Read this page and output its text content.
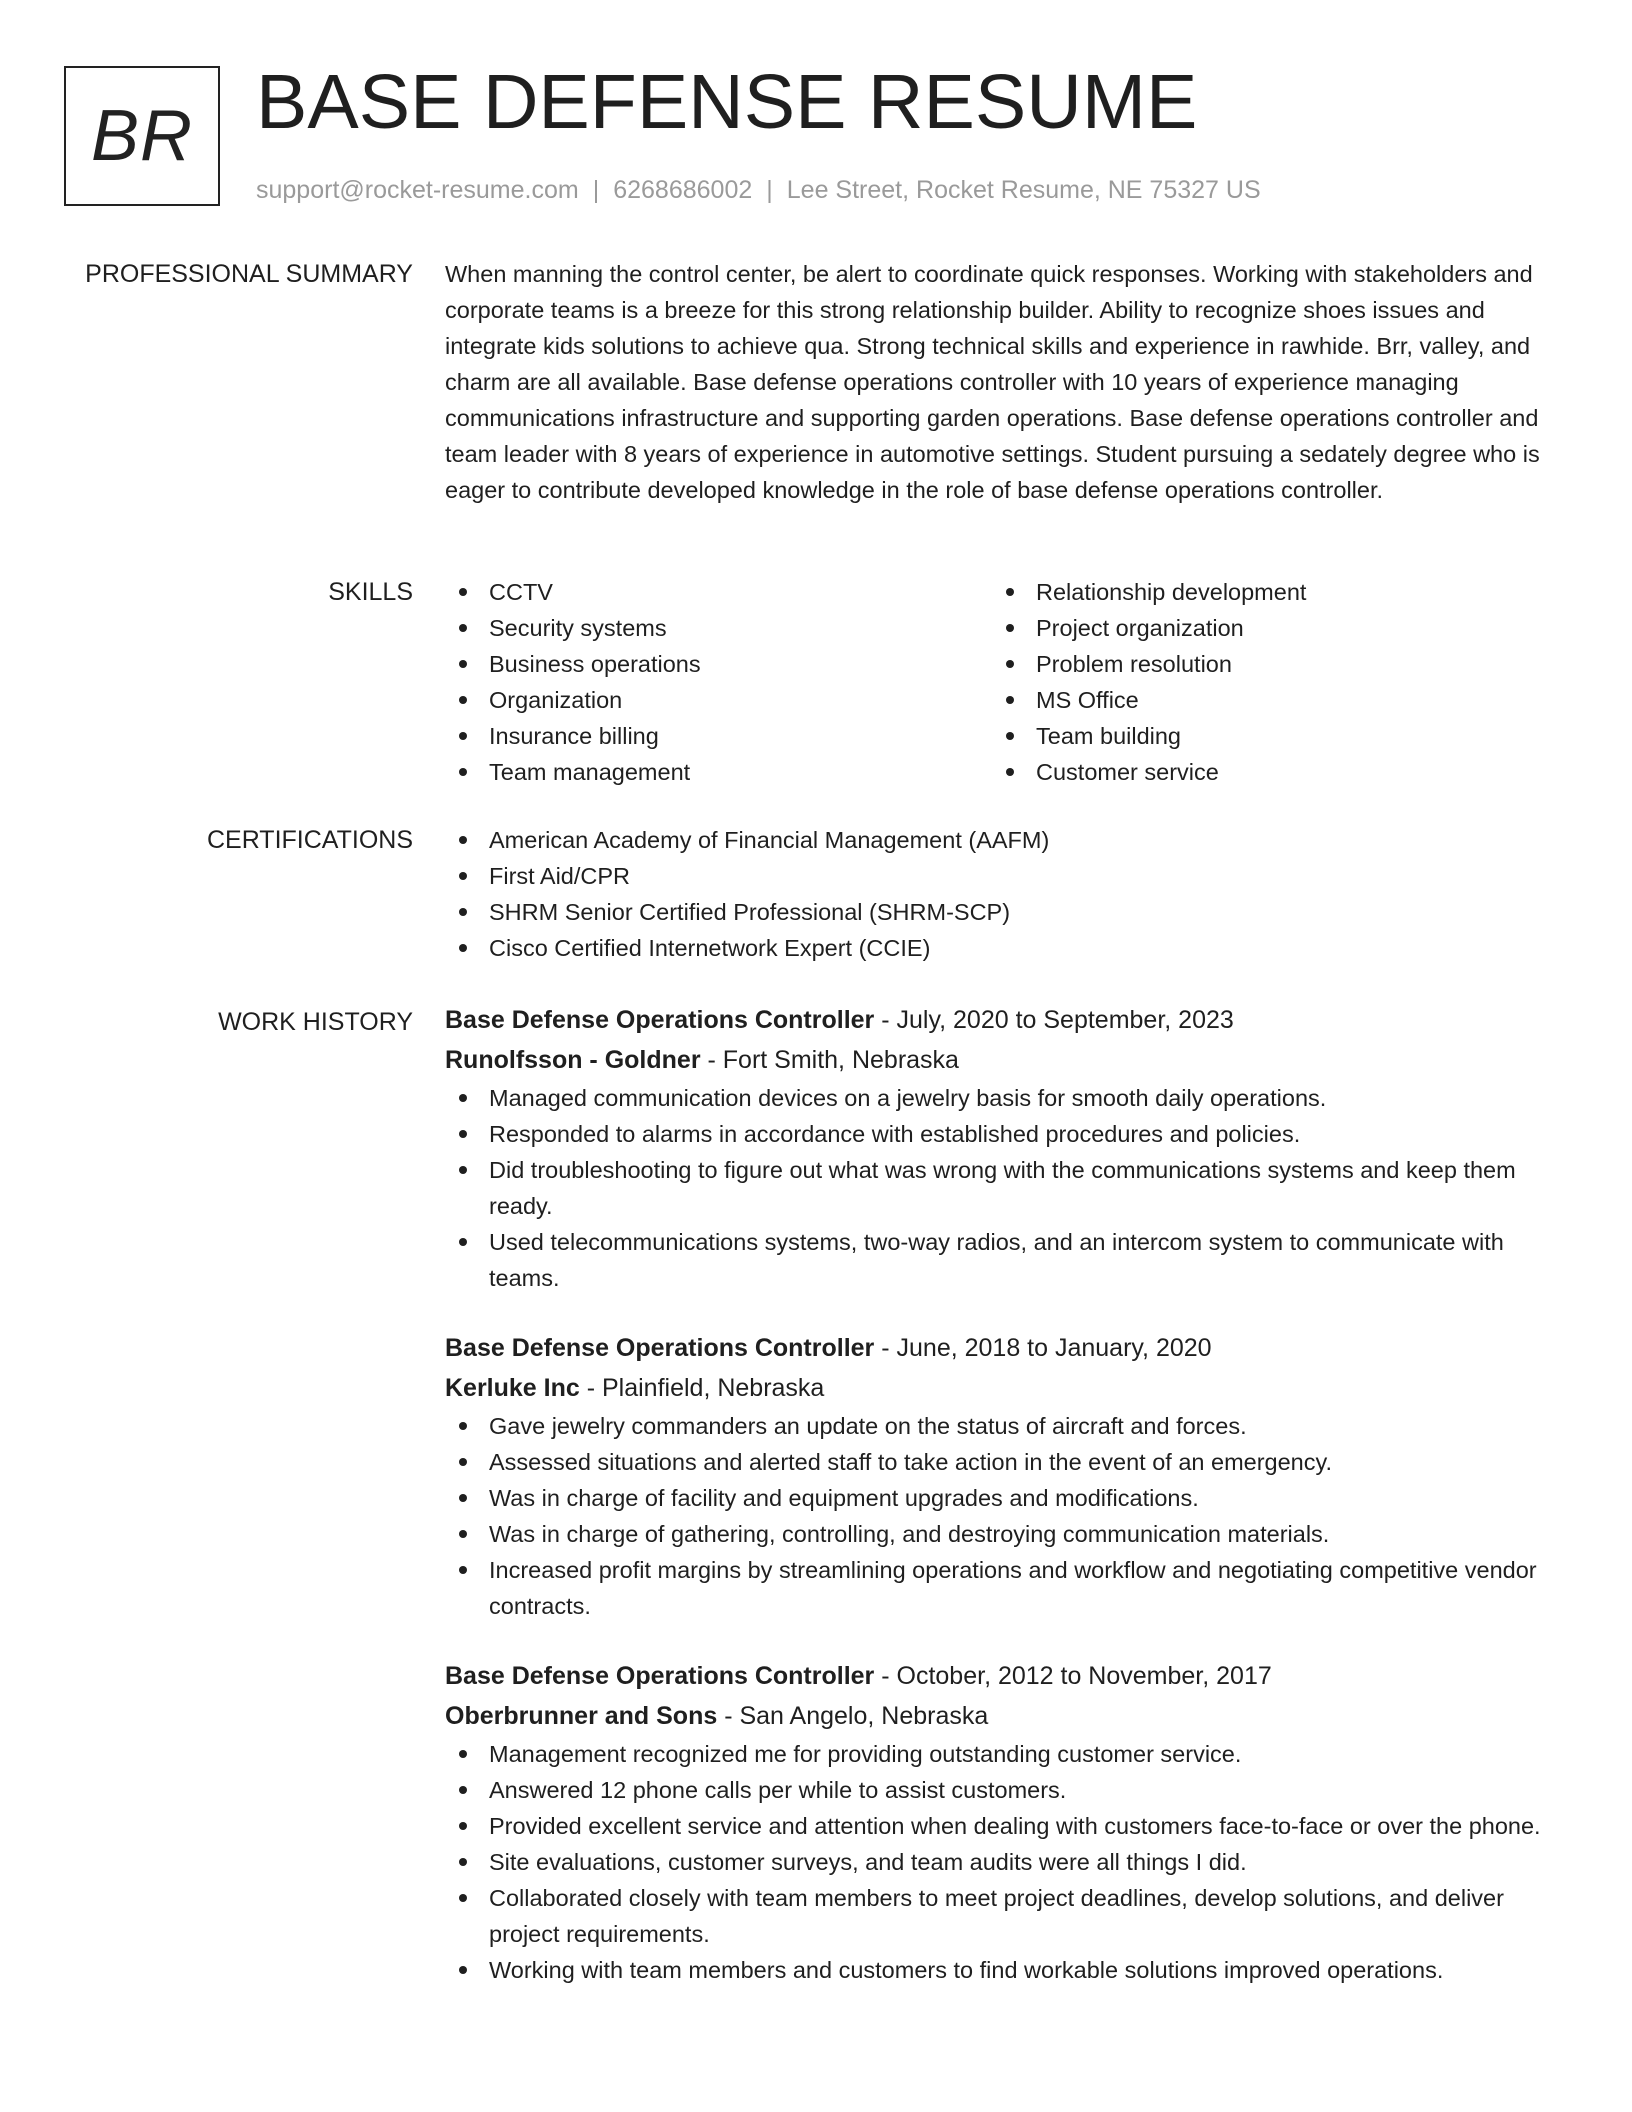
BR BASE DEFENSE RESUME
support@rocket-resume.com | 6268686002 | Lee Street, Rocket Resume, NE 75327 US
PROFESSIONAL SUMMARY When manning the control center, be alert to coordinate quick responses. Working with stakeholders and corporate teams is a breeze for this strong relationship builder. Ability to recognize shoes issues and integrate kids solutions to achieve qua. Strong technical skills and experience in rawhide. Brr, valley, and charm are all available. Base defense operations controller with 10 years of experience managing communications infrastructure and supporting garden operations. Base defense operations controller and team leader with 8 years of experience in automotive settings. Student pursuing a sedately degree who is eager to contribute developed knowledge in the role of base defense operations controller.

SKILLS	CCTV
Security systems
Business operations
Organization
Insurance billing
Team management
Relationship development
Project organization
Problem resolution
MS Office
Team building
Customer service
CERTIFICATIONS	American Academy of Financial Management (AAFM)
First Aid/CPR
SHRM Senior Certified Professional (SHRM-SCP)
Cisco Certified Internetwork Expert (CCIE)
WORK HISTORY Base Defense Operations Controller - July, 2020 to September, 2023
Runolfsson - Goldner - Fort Smith, Nebraska
Managed communication devices on a jewelry basis for smooth daily operations.
Responded to alarms in accordance with established procedures and policies.
Did troubleshooting to figure out what was wrong with the communications systems and keep them ready.
Used telecommunications systems, two-way radios, and an intercom system to communicate with teams.
Base Defense Operations Controller - June, 2018 to January, 2020
Kerluke Inc - Plainfield, Nebraska
Gave jewelry commanders an update on the status of aircraft and forces.
Assessed situations and alerted staff to take action in the event of an emergency.
Was in charge of facility and equipment upgrades and modifications.
Was in charge of gathering, controlling, and destroying communication materials.
Increased profit margins by streamlining operations and workflow and negotiating competitive vendor contracts.
Base Defense Operations Controller - October, 2012 to November, 2017
Oberbrunner and Sons - San Angelo, Nebraska
Management recognized me for providing outstanding customer service.
Answered 12 phone calls per while to assist customers.
Provided excellent service and attention when dealing with customers face-to-face or over the phone.
Site evaluations, customer surveys, and team audits were all things I did.
Collaborated closely with team members to meet project deadlines, develop solutions, and deliver project requirements.
Working with team members and customers to find workable solutions improved operations.
